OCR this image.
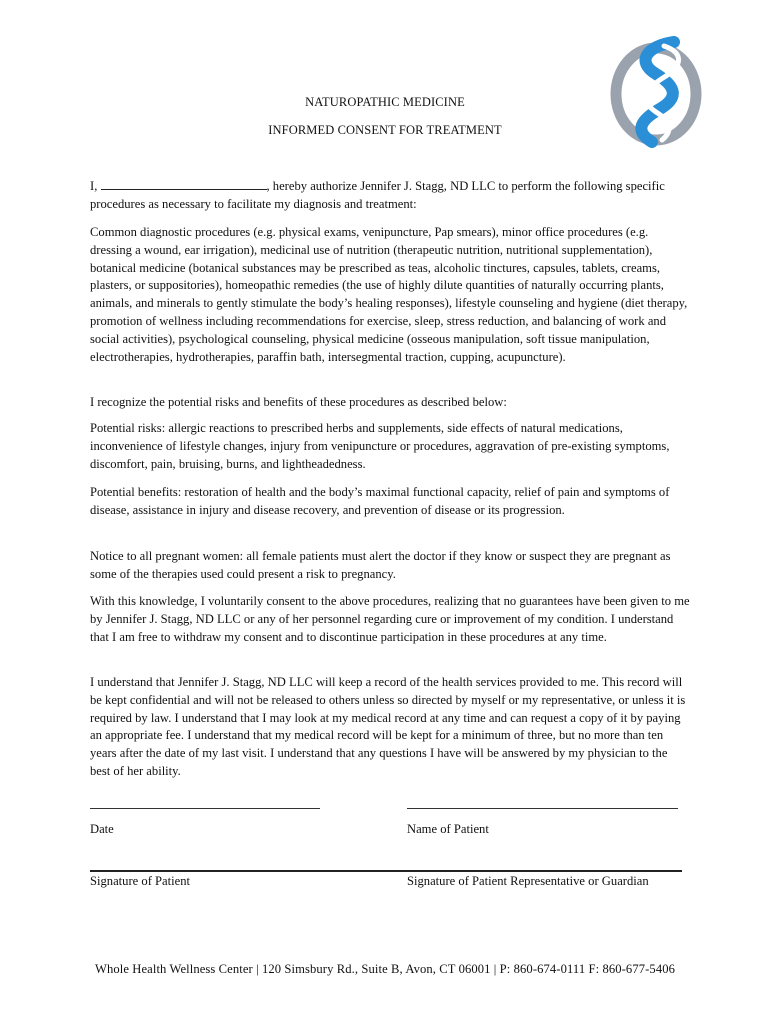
NATUROPATHIC MEDICINE
INFORMED CONSENT FOR TREATMENT

I,	, hereby authorize Jennifer J. Stagg, ND LLC to perform the following specific procedures as necessary to facilitate my diagnosis and treatment:

Common diagnostic procedures (e.g. physical exams, venipuncture, Pap smears), minor office procedures (e.g. dressing a wound, ear irrigation), medicinal use of nutrition (therapeutic nutrition, nutritional supplementation), botanical medicine (botanical substances may be prescribed as teas, alcoholic tinctures, capsules, tablets, creams, plasters, or suppositories), homeopathic remedies (the use of highly dilute quantities of naturally occurring plants, animals, and minerals to gently stimulate the body’s healing responses), lifestyle counseling and hygiene (diet therapy, promotion of wellness including recommendations for exercise, sleep, stress reduction, and balancing of work and social activities), psychological counseling, physical medicine (osseous manipulation, soft tissue manipulation, electrotherapies, hydrotherapies, paraffin bath, intersegmental traction, cupping, acupuncture).

I recognize the potential risks and benefits of these procedures as described below:

Potential risks: allergic reactions to prescribed herbs and supplements, side effects of natural medications, inconvenience of lifestyle changes, injury from venipuncture or procedures, aggravation of pre-existing symptoms, discomfort, pain, bruising, burns, and lightheadedness.

Potential benefits: restoration of health and the body’s maximal functional capacity, relief of pain and symptoms of disease, assistance in injury and disease recovery, and prevention of disease or its progression.

Notice to all pregnant women: all female patients must alert the doctor if they know or suspect they are pregnant as some of the therapies used could present a risk to pregnancy.

With this knowledge, I voluntarily consent to the above procedures, realizing that no guarantees have been given to me by Jennifer J. Stagg, ND LLC or any of her personnel regarding cure or improvement of my condition. I understand that I am free to withdraw my consent and to discontinue participation in these procedures at any time.

I understand that Jennifer J. Stagg, ND LLC will keep a record of the health services provided to me. This record will be kept confidential and will not be released to others unless so directed by myself or my representative, or unless it is required by law. I understand that I may look at my medical record at any time and can request a copy of it by paying an appropriate fee. I understand that my medical record will be kept for a minimum of three, but no more than ten years after the date of my last visit. I understand that any questions I have will be answered by my physician to the best of her ability.

Date	Name of Patient
Signature of Patient	Signature of Patient Representative or Guardian
Whole Health Wellness Center | 120 Simsbury Rd., Suite B, Avon, CT 06001 | P: 860-674-0111 F: 860-677-5406
